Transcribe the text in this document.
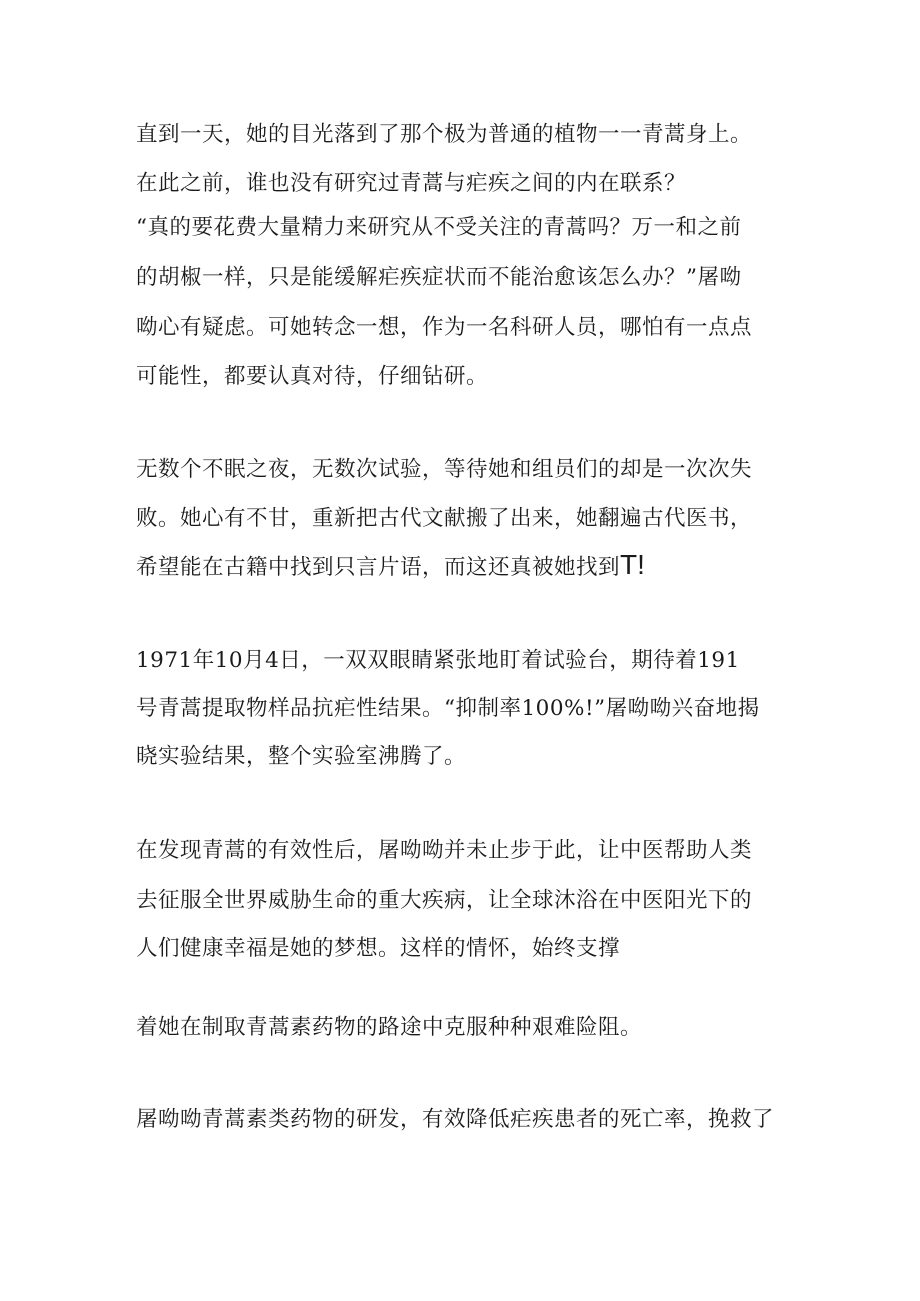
直到一天，她的目光落到了那个极为普通的植物一一青蒿身上。

在此之前，谁也没有研究过青蒿与疟疾之间的内在联系？

“真的要花费大量精力来研究从不受关注的青蒿吗？万一和之前

的胡椒一样，只是能缓解疟疾症状而不能治愈该怎么办？”屠呦

呦心有疑虑。可她转念一想，作为一名科研人员，哪怕有一点点

可能性，都要认真对待，仔细钻研。

无数个不眠之夜，无数次试验，等待她和组员们的却是一次次失

败。她心有不甘，重新把古代文献搬了出来，她翻遍古代医书，

希望能在古籍中找到只言片语，而这还真被她找到T!

1971年10月4日，一双双眼睛紧张地盯着试验台，期待着191

号青蒿提取物样品抗疟性结果。“抑制率100%!”屠呦呦兴奋地揭

晓实验结果，整个实验室沸腾了。

在发现青蒿的有效性后，屠呦呦并未止步于此，让中医帮助人类

去征服全世界威胁生命的重大疾病，让全球沐浴在中医阳光下的

人们健康幸福是她的梦想。这样的情怀，始终支撑

着她在制取青蒿素药物的路途中克服种种艰难险阻。

屠呦呦青蒿素类药物的研发，有效降低疟疾患者的死亡率，挽救了
